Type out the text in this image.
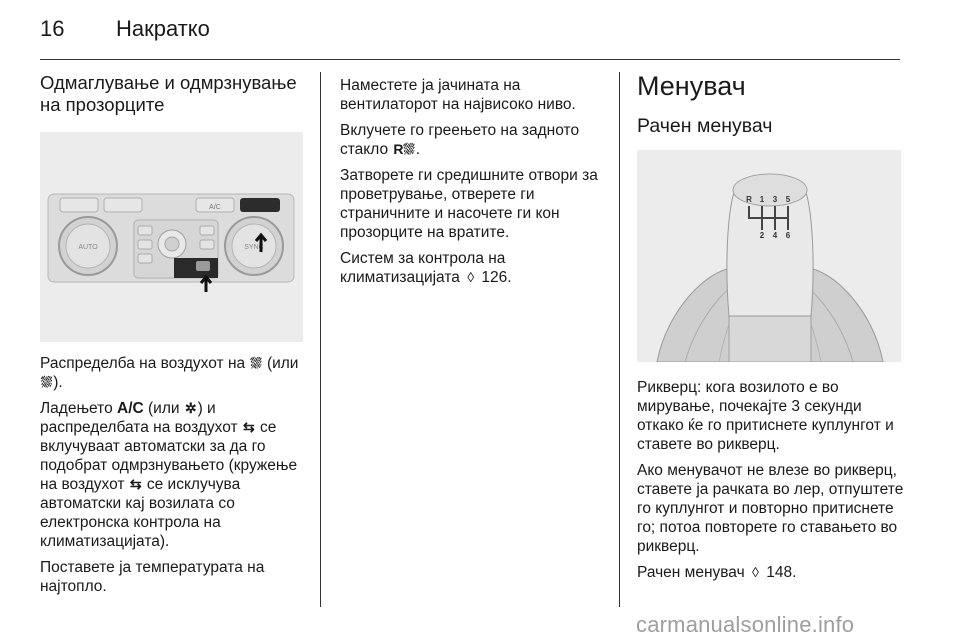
16	Накратко
Одмаглување и одмрзнување на прозорците
A/C
AUTO	SYNC

Распределба на воздухот на ⛆ (или ⛆).

Ладењето A/C (или ✲) и распределбата на воздухот ⇆ се вклучуваат автоматски за да го подобрат одмрзнувањето (кружење на воздухот ⇆ се исклучува автоматски кај возилата со електронска контрола на климатизацијата).

Поставете ја температурата на најтопло.

Наместете ја јачината на вентилаторот на највисоко ниво.

Вклучете го греењето на задното стакло R⛆.

Затворете ги средишните отвори за проветрување, отверете ги страничните и насочете ги кон прозорците на вратите.

Систем за контрола на климатизацијата ◊ 126.

Менувач
Рачен менувач
R 1 3 5
2 4 6

Рикверц: кога возилото е во мирување, почекајте 3 секунди откако ќе го притиснете куплунгот и ставете во рикверц.

Ако менувачот не влезе во рикверц, ставете ја рачката во лер, отпуштете го куплунгот и повторно притиснете го; потоа повторете го ставањето во рикверц.

Рачен менувач ◊ 148.

carmanualsonline.info
